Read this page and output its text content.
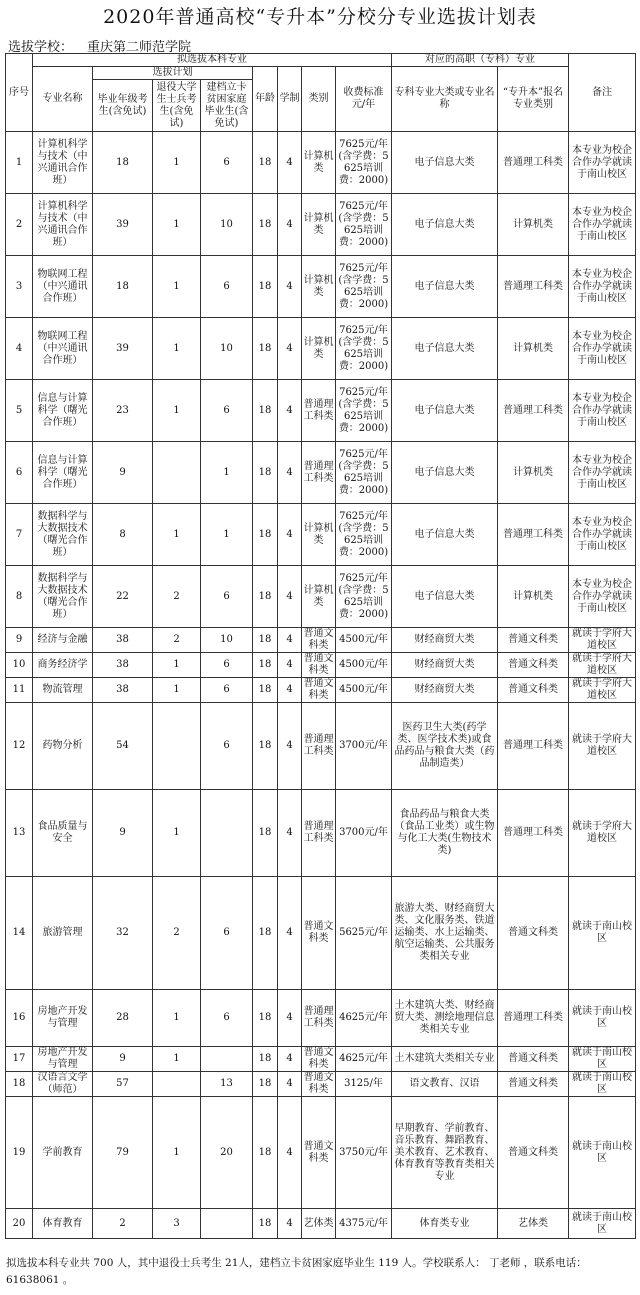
2020年普通高校“专升本”分校分专业选拔计划表
选拔学校： 重庆第二师范学院
序号	拟选拔本科专业								对应的高职（专科）专业		备注
	专业名称	选拔计划			年龄	学制	类别	收费标准元/年	专科专业大类或专业名称	“专升本”报名专业类别	
		毕业年级考生(含免试)	退役大学生士兵考生(含免试)	建档立卡贫困家庭毕业生(含免试)							
1	计算机科学与技术（中兴通讯合作班）	18	1	6	18	4	计算机类	7625元/年(含学费：5625培训费：2000)	电子信息大类	普通理工科类	本专业为校企合作办学就读于南山校区
2	计算机科学与技术（中兴通讯合作班）	39	1	10	18	4	计算机类	7625元/年(含学费：5625培训费：2000)	电子信息大类	计算机类	本专业为校企合作办学就读于南山校区
3	物联网工程（中兴通讯合作班）	18	1	6	18	4	计算机类	7625元/年(含学费：5625培训费：2000)	电子信息大类	普通理工科类	本专业为校企合作办学就读于南山校区
4	物联网工程（中兴通讯合作班）	39	1	10	18	4	计算机类	7625元/年(含学费：5625培训费：2000)	电子信息大类	计算机类	本专业为校企合作办学就读于南山校区
5	信息与计算科学（曙光合作班）	23	1	6	18	4	普通理工科类	7625元/年(含学费：5625培训费：2000)	电子信息大类	普通理工科类	本专业为校企合作办学就读于南山校区
6	信息与计算科学（曙光合作班）	9		1	18	4	普通理工科类	7625元/年(含学费：5625培训费：2000)	电子信息大类	计算机类	本专业为校企合作办学就读于南山校区
7	数据科学与大数据技术（曙光合作班）	8	1	1	18	4	计算机类	7625元/年(含学费：5625培训费：2000)	电子信息大类	普通理工科类	本专业为校企合作办学就读于南山校区
8	数据科学与大数据技术（曙光合作班）	22	2	6	18	4	计算机类	7625元/年(含学费：5625培训费：2000)	电子信息大类	计算机类	本专业为校企合作办学就读于南山校区
9	经济与金融	38	2	10	18	4	普通文科类	4500元/年	财经商贸大类	普通文科类	就读于学府大道校区
10	商务经济学	38	1	6	18	4	普通文科类	4500元/年	财经商贸大类	普通文科类	就读于学府大道校区
11	物流管理	38	1	6	18	4	普通文科类	4500元/年	财经商贸大类	普通文科类	就读于学府大道校区
12	药物分析	54		6	18	4	普通理工科类	3700元/年	医药卫生大类(药学类、医学技术类)或食品药品与粮食大类（药品制造类）	普通理工科类	就读于学府大道校区
13	食品质量与安全	9	1		18	4	普通理工科类	3700元/年	食品药品与粮食大类（食品工业类）或生物与化工大类(生物技术类)	普通理工科类	就读于学府大道校区
14	旅游管理	32	2	6	18	4	普通文科类	5625元/年	旅游大类、财经商贸大类、文化服务类、铁道运输类、水上运输类、航空运输类、公共服务类相关专业	普通文科类	就读于南山校区
16	房地产开发与管理	28	1	6	18	4	普通理工科类	4625元/年	土木建筑大类、财经商贸大类、测绘地理信息类相关专业	普通理工科类	就读于南山校区
17	房地产开发与管理	9	1		18	4	普通文科类	4625元/年	土木建筑大类相关专业	普通文科类	就读于南山校区
18	汉语言文学（师范）	57		13	18	4	普通文科类	3125/年	语文教育、汉语	普通文科类	就读于南山校区
19	学前教育	79	1	20	18	4	普通文科类	3750元/年	早期教育、学前教育、音乐教育、舞蹈教育、美术教育、艺术教育、体育教育等教育类相关专业	普通文科类	就读于南山校区
20	体育教育	2	3		18	4	艺体类	4375元/年	体育类专业	艺体类	就读于南山校区
拟选拔本科专业共 700 人，其中退役士兵考生 21人，建档立卡贫困家庭毕业生 119 人。学校联系人： 丁老师 ，联系电话：61638061 。
